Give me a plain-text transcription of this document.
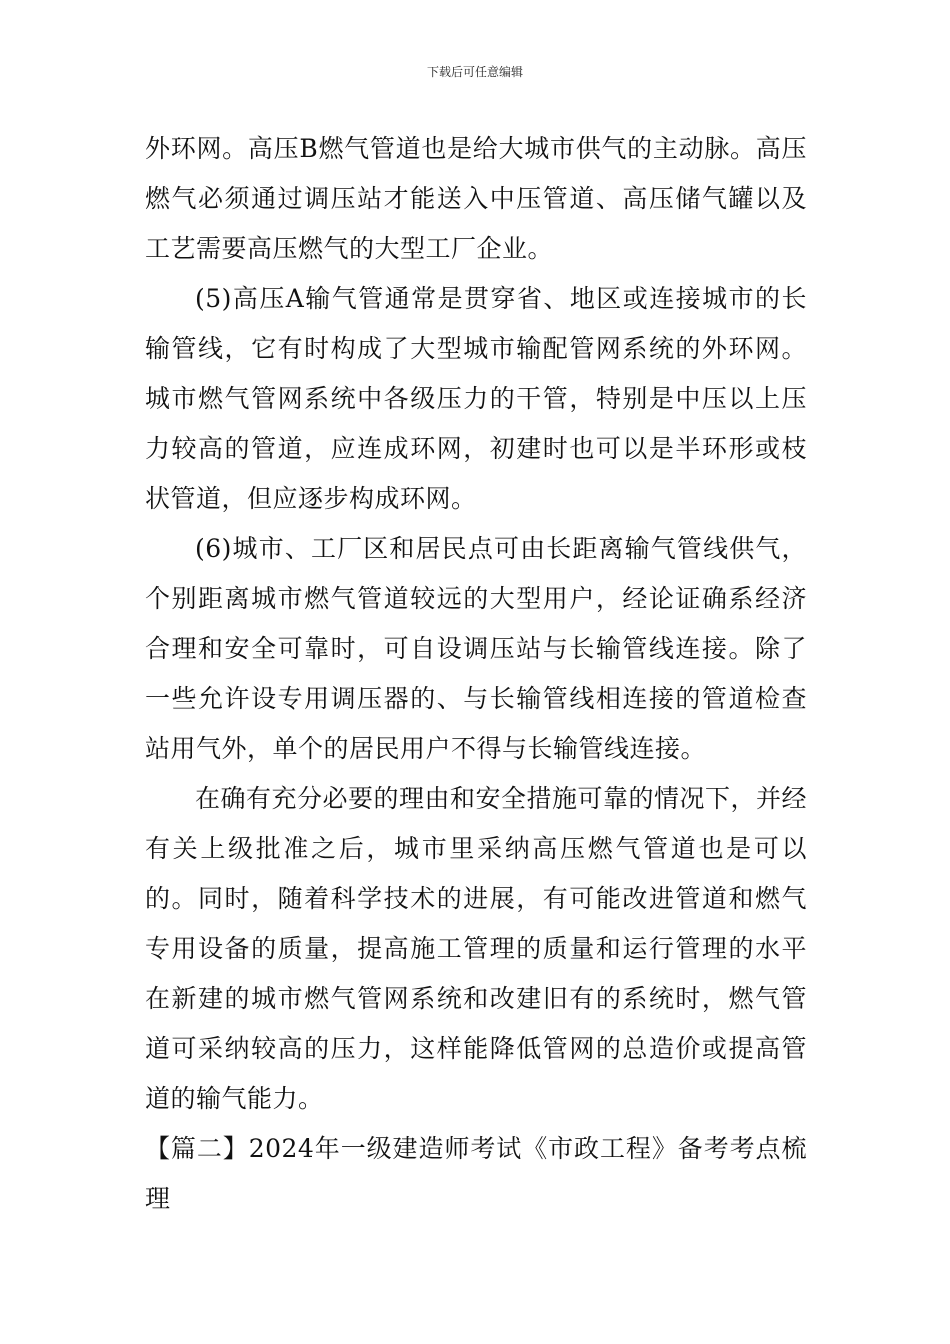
下载后可任意编辑

外环网。高压B燃气管道也是给大城市供气的主动脉。高压燃气必须通过调压站才能送入中压管道、高压储气罐以及工艺需要高压燃气的大型工厂企业。

(5)高压A输气管通常是贯穿省、地区或连接城市的长输管线，它有时构成了大型城市输配管网系统的外环网。城市燃气管网系统中各级压力的干管，特别是中压以上压力较高的管道，应连成环网，初建时也可以是半环形或枝状管道，但应逐步构成环网。

(6)城市、工厂区和居民点可由长距离输气管线供气，个别距离城市燃气管道较远的大型用户，经论证确系经济合理和安全可靠时，可自设调压站与长输管线连接。除了一些允许设专用调压器的、与长输管线相连接的管道检查站用气外，单个的居民用户不得与长输管线连接。

在确有充分必要的理由和安全措施可靠的情况下，并经有关上级批准之后，城市里采纳高压燃气管道也是可以的。同时，随着科学技术的进展，有可能改进管道和燃气专用设备的质量，提高施工管理的质量和运行管理的水平在新建的城市燃气管网系统和改建旧有的系统时，燃气管道可采纳较高的压力，这样能降低管网的总造价或提高管道的输气能力。

【篇二】2024年一级建造师考试《市政工程》备考考点梳理
